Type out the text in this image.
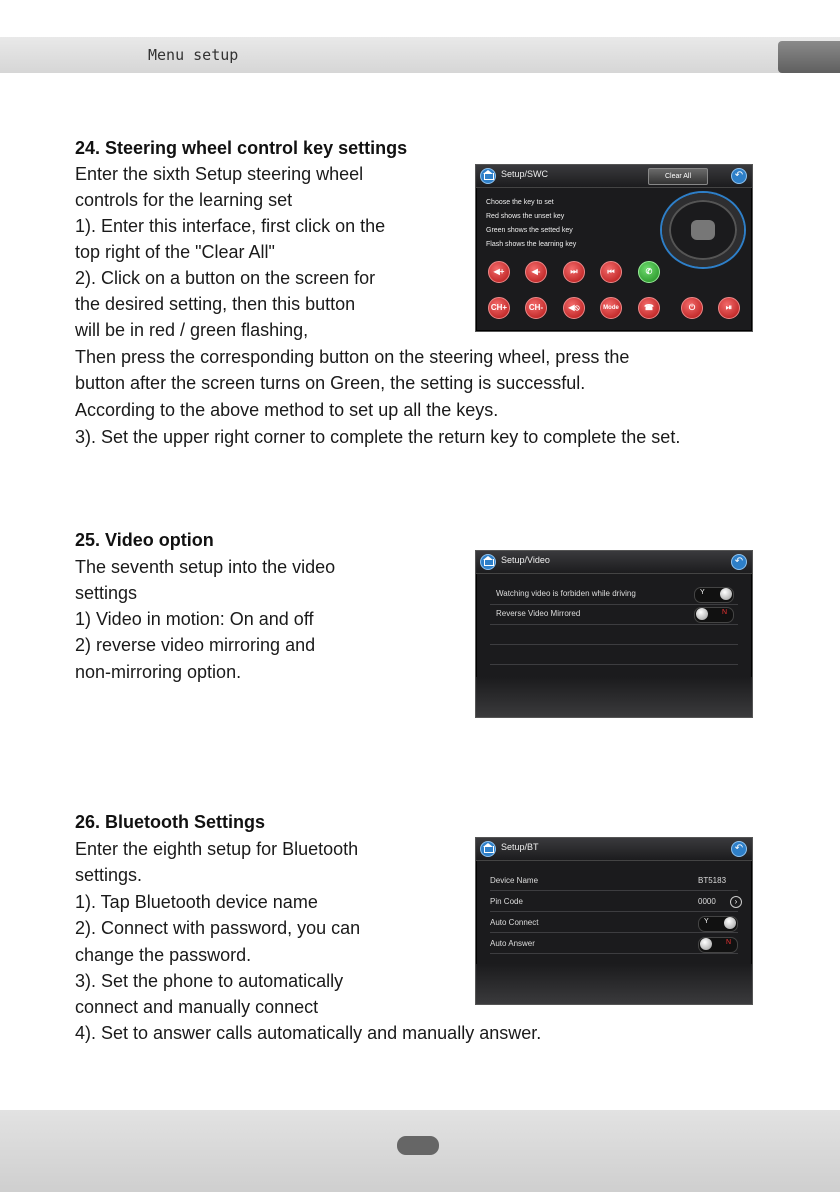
Menu setup
24. Steering wheel control key settings
Enter the sixth Setup steering wheel
controls for the learning set
1). Enter this interface, first click on the
top right of the "Clear All"
2). Click on a button on the screen for
the desired setting, then this button
will be in red / green flashing,
Then press the corresponding button on the steering wheel, press the
button after the screen turns on Green, the setting is successful.
According to the above method to set up all the keys.
3). Set the upper right corner to complete the return key to complete the set.
Setup/SWC	Clear All	↶
Choose the key to set
Red shows the unset key
Green shows the setted key
Flash shows the learning key
◀+	◀-	⏭	⏮	✆
CH+	CH-	◀⦸	Mode	☎	⏻	⏯
25. Video option
The seventh setup into the video
settings
1) Video in motion: On and off
2) reverse video mirroring and
non-mirroring option.
Setup/Video	↶
Watching video is forbiden while driving	Y
Reverse Video Mirrored	N
26. Bluetooth Settings
Enter the eighth setup for Bluetooth
settings.
1). Tap Bluetooth device name
2). Connect with password, you can
change the password.
3). Set the phone to automatically
connect and manually connect
4). Set to answer calls automatically and manually answer.
Setup/BT	↶
Device Name	BT5183
Pin Code	0000	›
Auto Connect	Y
Auto Answer	N
